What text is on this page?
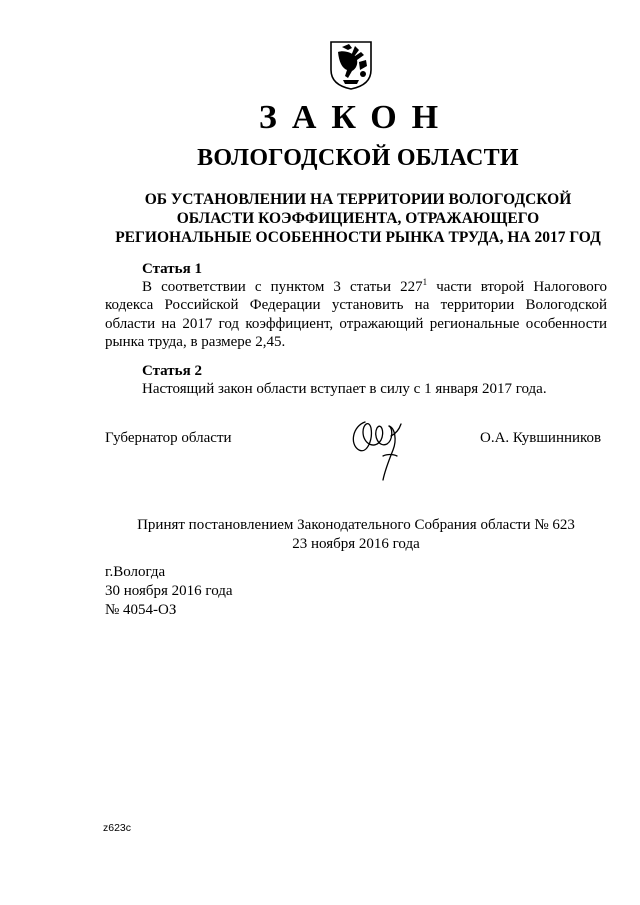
ЗАКОН
ВОЛОГОДСКОЙ ОБЛАСТИ
ОБ УСТАНОВЛЕНИИ НА ТЕРРИТОРИИ ВОЛОГОДСКОЙ
ОБЛАСТИ КОЭФФИЦИЕНТА, ОТРАЖАЮЩЕГО
РЕГИОНАЛЬНЫЕ ОСОБЕННОСТИ РЫНКА ТРУДА, НА 2017 ГОД
Статья 1
В соответствии с пунктом 3 статьи $227^1$ части второй Налогового
кодекса Российской Федерации установить на территории Вологодской
области на 2017 год коэффициент, отражающий региональные особенности
рынка труда, в размере 2,45.
Статья 2
Настоящий закон области вступает в силу с 1 января 2017 года.
Губернатор области	О.А. Кувшинников
Принят постановлением Законодательного Собрания области № 623
23 ноября 2016 года
г.Вологда
30 ноября 2016 года
№ 4054-ОЗ
z623c
